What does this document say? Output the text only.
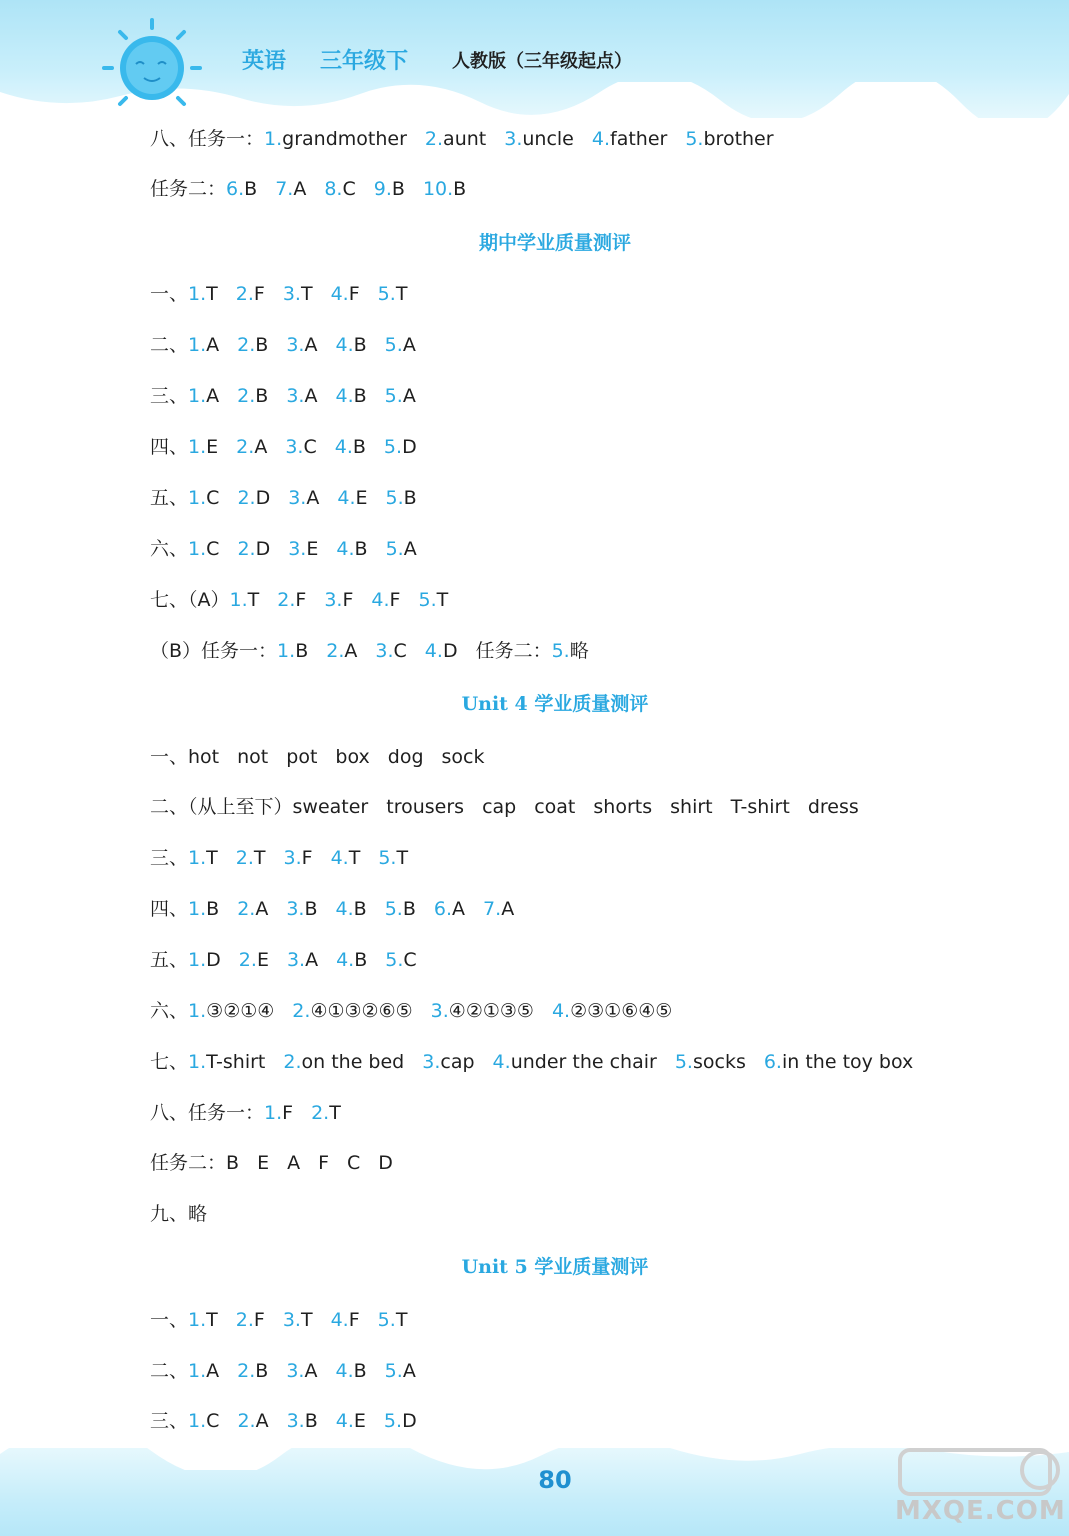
英语 三年级下 人教版（三年级起点）
八、任务一：1.grandmother 2.aunt 3.uncle 4.father 5.brother
任务二：6.B 7.A 8.C 9.B 10.B
期中学业质量测评
一、1.T 2.F 3.T 4.F 5.T
二、1.A 2.B 3.A 4.B 5.A
三、1.A 2.B 3.A 4.B 5.A
四、1.E 2.A 3.C 4.B 5.D
五、1.C 2.D 3.A 4.E 5.B
六、1.C 2.D 3.E 4.B 5.A
七、（A）1.T 2.F 3.F 4.F 5.T
（B）任务一：1.B 2.A 3.C 4.D 任务二：5.略
Unit 4 学业质量测评
一、hot not pot box dog sock
二、（从上至下）sweater trousers cap coat shorts shirt T-shirt dress
三、1.T 2.T 3.F 4.T 5.T
四、1.B 2.A 3.B 4.B 5.B 6.A 7.A
五、1.D 2.E 3.A 4.B 5.C
六、1.③②①④ 2.④①③②⑥⑤ 3.④②①③⑤ 4.②③①⑥④⑤
七、1.T-shirt 2.on the bed 3.cap 4.under the chair 5.socks 6.in the toy box
八、任务一：1.F 2.T
任务二：B E A F C D
九、略
Unit 5 学业质量测评
一、1.T 2.F 3.T 4.F 5.T
二、1.A 2.B 3.A 4.B 5.A
三、1.C 2.A 3.B 4.E 5.D
80
MXQE.COM
